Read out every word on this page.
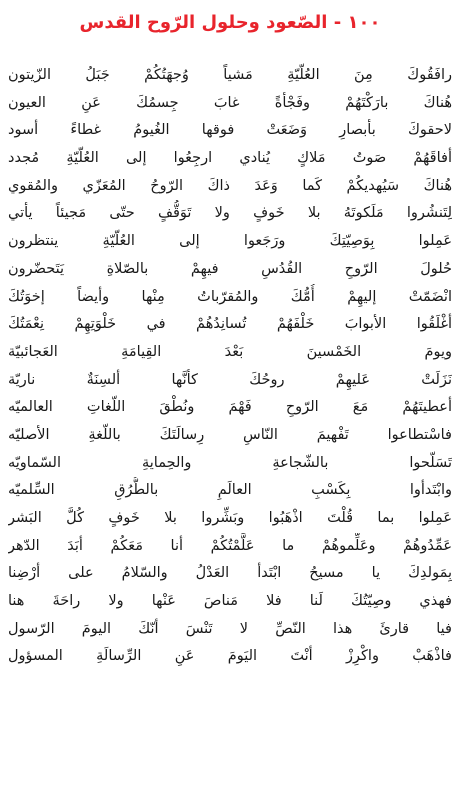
١٠٠ - الصّعود وحلول الرّوح القدس
رافَقُوكَ مِنَ العُلّيّةِ مَشياً وُجهَتُكُمْ جَبَلُ الزّيتون
هُناكَ بارَكْتَهُمْ وفَجْأةً غابَ جِسمُكَ عَنِ العيون
لاحقوكَ بأبصارِ وَضَعَتْ فوقها الغُيومُ غطاءً أسود
أفاقَهُمْ صَوتُ مَلاكٍ يُنادي ارجِعُوا إلى العُلّيّةِ مُجدد
هُناكَ سَيُهديكُمْ كَما وَعَدَ ذاكَ الرّوحُ المُعَزّي والمُقوي
لِتَنشُروا مَلَكوتَهُ بلا خَوفٍ ولا تَوَقُّفٍ حتّى مَجيئاً يأتي
عَمِلوا بِوَصِيّتِكَ ورَجَعوا إلى العُلّيّةِ ينتظرون
حُلولَ الرّوحِ القُدُسِ فيهِمْ بالصّلاةِ يَتَحضّرون
انْضَمّتْ إليهِمْ أُمُّكَ والمُقرّباتُ مِنْها وأيضاً إخوَتُكَ
أغْلَقُوا الأبوابَ خَلْفَهُمْ تُسانِدُهُمْ في خَلْوَتِهِمْ نِعْمَتُكَ
ويومَ الخَمْسينَ بَعْدَ القِيامَةِ العَجائبيّة
نَزَلَتْ عَليهِمْ روحُكَ كأنَّها ألسِنَةٌ ناريّة
أعطيتَهُمْ مَعَ الرّوحِ فَهْمَ ونُطْقَ اللّغاتِ العالميّه
فاسْتطاعوا تَفْهيمَ النّاسِ رِسالَتَكَ باللّغةِ الأصليّه
تَسَلّحوا بالشّجاعةِ والحِمايةِ السّماويّه
وابْتَدأوا بِكَسْبِ العالَمِ بالطُّرُقِ السِّلميّه
عَمِلوا بما قُلْتَ اذْهَبُوا وبَشِّروا بلا خَوفٍ كُلَّ البَشر
عَمِّدُوهُمْ وعَلِّموهُمْ ما عَلَّمْتُكُمْ أنا مَعَكُمْ أبَدَ الدّهر
بِمَولدِكَ يا مسيحُ ابْتَدأ العَدْلُ والسّلامُ على أرْضِنا
فهذي وصِيّتُكَ لَنا فلا مَناصَ عَنْها ولا راحَةَ هنا
فيا قارئَ هذا النّصِّ لا تَنْسَ أنّكَ اليومَ الرّسول
فاذْهَبْ واكْرِزْ أنْتَ اليَومَ عَنِ الرِّسالَةِ المسؤول
